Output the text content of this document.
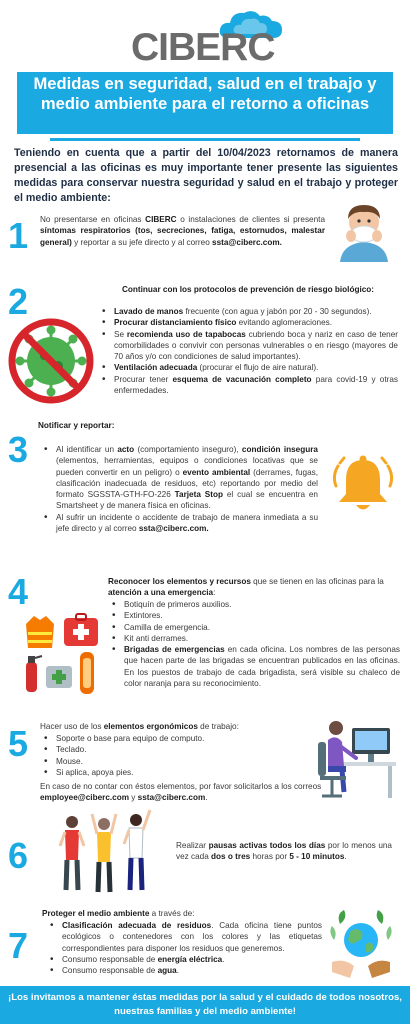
CIBERC
Medidas en seguridad, salud en el trabajo y medio ambiente para el retorno a oficinas
Teniendo en cuenta que a partir del 10/04/2023 retornamos de manera presencial a las oficinas es muy importante tener presente las siguientes medidas para conservar nuestra seguridad y salud en el trabajo y proteger el medio ambiente:
1 No presentarse en oficinas CIBERC o instalaciones de clientes si presenta síntomas respiratorios (tos, secreciones, fatiga, estornudos, malestar general) y reportar a su jefe directo y al correo ssta@ciberc.com.
2	Continuar con los protocolos de prevención de riesgo biológico:
• Lavado de manos frecuente (con agua y jabón por 20 - 30 segundos).
• Procurar distanciamiento físico evitando aglomeraciones.
• Se recomienda uso de tapabocas cubriendo boca y nariz en caso de tener comorbilidades o convivir con personas vulnerables o en riesgo (mayores de 70 años y/o con condiciones de salud importantes).
• Ventilación adecuada (procurar el flujo de aire natural).
• Procurar tener esquema de vacunación completo para covid-19 y otras enfermedades.
3
Notificar y reportar:
• Al identificar un acto (comportamiento inseguro), condición insegura (elementos, herramientas, equipos o condiciones locativas que se pueden convertir en un peligro) o evento ambiental (derrames, fugas, clasificación inadecuada de residuos, etc) reportando por medio del formato SGSSTA-GTH-FO-226 Tarjeta Stop el cual se encuentra en Smartsheet y de manera física en oficinas.
• Al sufrir un incidente o accidente de trabajo de manera inmediata a su jefe directo y al correo ssta@ciberc.com.
4	Reconocer los elementos y recursos que se tienen en las oficinas para la atención a una emergencia:
• Botiquín de primeros auxilios.
• Extintores.
• Camilla de emergencia.
• Kit anti derrames.
• Brigadas de emergencias en cada oficina. Los nombres de las personas que hacen parte de las brigadas se encuentran publicados en las oficinas. En los puestos de trabajo de cada brigadista, será visible su chaleco de color naranja para su reconocimiento.
5 Hacer uso de los elementos ergonómicos de trabajo:
• Soporte o base para equipo de computo.
• Teclado.
• Mouse.
• Si aplica, apoya pies.
En caso de no contar con éstos elementos, por favor solicitarlos a los correos employee@ciberc.com y ssta@ciberc.com.
6	Realizar pausas activas todos los días por lo menos una vez cada dos o tres horas por 5 - 10 minutos.
7
Proteger el medio ambiente a través de:
• Clasificación adecuada de residuos. Cada oficina tiene puntos ecológicos o contenedores con los colores y las etiquetas correspondientes para disponer los residuos que generemos.
• Consumo responsable de energía eléctrica.
• Consumo responsable de agua.
¡Los invitamos a mantener éstas medidas por la salud y el cuidado de todos nosotros, nuestras familias y del medio ambiente!
